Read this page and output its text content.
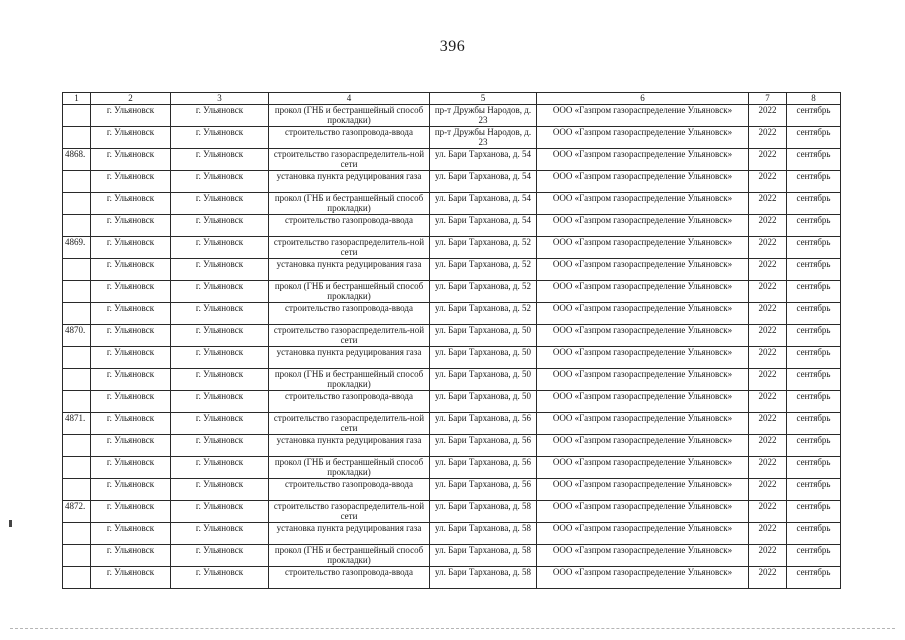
396
1	2	3	4	5	6	7	8
	г. Ульяновск	г. Ульяновск	прокол (ГНБ и бестраншейный способ прокладки)	пр-т Дружбы Народов, д. 23	ООО «Газпром газораспределение Ульяновск»	2022	сентябрь
	г. Ульяновск	г. Ульяновск	строительство газопровода-ввода	пр-т Дружбы Народов, д. 23	ООО «Газпром газораспределение Ульяновск»	2022	сентябрь
4868.	г. Ульяновск	г. Ульяновск	строительство газораспределитель-ной сети	ул. Бари Тарханова, д. 54	ООО «Газпром газораспределение Ульяновск»	2022	сентябрь
	г. Ульяновск	г. Ульяновск	установка пункта редуцирования газа	ул. Бари Тарханова, д. 54	ООО «Газпром газораспределение Ульяновск»	2022	сентябрь
	г. Ульяновск	г. Ульяновск	прокол (ГНБ и бестраншейный способ прокладки)	ул. Бари Тарханова, д. 54	ООО «Газпром газораспределение Ульяновск»	2022	сентябрь
	г. Ульяновск	г. Ульяновск	строительство газопровода-ввода	ул. Бари Тарханова, д. 54	ООО «Газпром газораспределение Ульяновск»	2022	сентябрь
4869.	г. Ульяновск	г. Ульяновск	строительство газораспределитель-ной сети	ул. Бари Тарханова, д. 52	ООО «Газпром газораспределение Ульяновск»	2022	сентябрь
	г. Ульяновск	г. Ульяновск	установка пункта редуцирования газа	ул. Бари Тарханова, д. 52	ООО «Газпром газораспределение Ульяновск»	2022	сентябрь
	г. Ульяновск	г. Ульяновск	прокол (ГНБ и бестраншейный способ прокладки)	ул. Бари Тарханова, д. 52	ООО «Газпром газораспределение Ульяновск»	2022	сентябрь
	г. Ульяновск	г. Ульяновск	строительство газопровода-ввода	ул. Бари Тарханова, д. 52	ООО «Газпром газораспределение Ульяновск»	2022	сентябрь
4870.	г. Ульяновск	г. Ульяновск	строительство газораспределитель-ной сети	ул. Бари Тарханова, д. 50	ООО «Газпром газораспределение Ульяновск»	2022	сентябрь
	г. Ульяновск	г. Ульяновск	установка пункта редуцирования газа	ул. Бари Тарханова, д. 50	ООО «Газпром газораспределение Ульяновск»	2022	сентябрь
	г. Ульяновск	г. Ульяновск	прокол (ГНБ и бестраншейный способ прокладки)	ул. Бари Тарханова, д. 50	ООО «Газпром газораспределение Ульяновск»	2022	сентябрь
	г. Ульяновск	г. Ульяновск	строительство газопровода-ввода	ул. Бари Тарханова, д. 50	ООО «Газпром газораспределение Ульяновск»	2022	сентябрь
4871.	г. Ульяновск	г. Ульяновск	строительство газораспределитель-ной сети	ул. Бари Тарханова, д. 56	ООО «Газпром газораспределение Ульяновск»	2022	сентябрь
	г. Ульяновск	г. Ульяновск	установка пункта редуцирования газа	ул. Бари Тарханова, д. 56	ООО «Газпром газораспределение Ульяновск»	2022	сентябрь
	г. Ульяновск	г. Ульяновск	прокол (ГНБ и бестраншейный способ прокладки)	ул. Бари Тарханова, д. 56	ООО «Газпром газораспределение Ульяновск»	2022	сентябрь
	г. Ульяновск	г. Ульяновск	строительство газопровода-ввода	ул. Бари Тарханова, д. 56	ООО «Газпром газораспределение Ульяновск»	2022	сентябрь
4872.	г. Ульяновск	г. Ульяновск	строительство газораспределитель-ной сети	ул. Бари Тарханова, д. 58	ООО «Газпром газораспределение Ульяновск»	2022	сентябрь
	г. Ульяновск	г. Ульяновск	установка пункта редуцирования газа	ул. Бари Тарханова, д. 58	ООО «Газпром газораспределение Ульяновск»	2022	сентябрь
	г. Ульяновск	г. Ульяновск	прокол (ГНБ и бестраншейный способ прокладки)	ул. Бари Тарханова, д. 58	ООО «Газпром газораспределение Ульяновск»	2022	сентябрь
	г. Ульяновск	г. Ульяновск	строительство газопровода-ввода	ул. Бари Тарханова, д. 58	ООО «Газпром газораспределение Ульяновск»	2022	сентябрь
